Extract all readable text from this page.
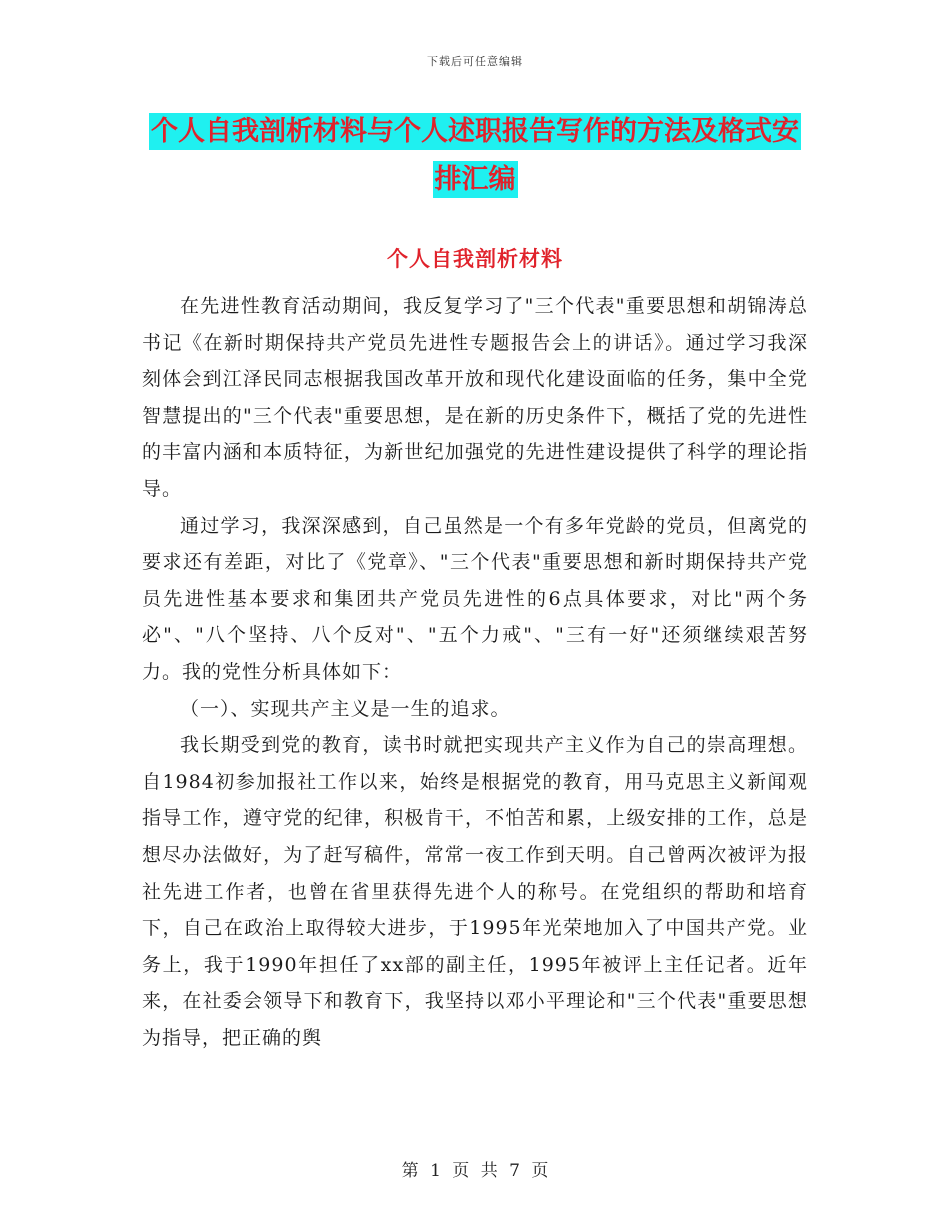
下载后可任意编辑
个人自我剖析材料与个人述职报告写作的方法及格式安排汇编
个人自我剖析材料

在先进性教育活动期间，我反复学习了"三个代表"重要思想和胡锦涛总书记《在新时期保持共产党员先进性专题报告会上的讲话》。通过学习我深刻体会到江泽民同志根据我国改革开放和现代化建设面临的任务，集中全党智慧提出的"三个代表"重要思想，是在新的历史条件下，概括了党的先进性的丰富内涵和本质特征，为新世纪加强党的先进性建设提供了科学的理论指导。

通过学习，我深深感到，自己虽然是一个有多年党龄的党员，但离党的要求还有差距，对比了《党章》、"三个代表"重要思想和新时期保持共产党员先进性基本要求和集团共产党员先进性的6点具体要求，对比"两个务必"、"八个坚持、八个反对"、"五个力戒"、"三有一好"还须继续艰苦努力。我的党性分析具体如下：

（一）、实现共产主义是一生的追求。

我长期受到党的教育，读书时就把实现共产主义作为自己的崇高理想。自1984初参加报社工作以来，始终是根据党的教育，用马克思主义新闻观指导工作，遵守党的纪律，积极肯干，不怕苦和累，上级安排的工作，总是想尽办法做好，为了赶写稿件，常常一夜工作到天明。自己曾两次被评为报社先进工作者，也曾在省里获得先进个人的称号。在党组织的帮助和培育下，自己在政治上取得较大进步，于1995年光荣地加入了中国共产党。业务上，我于1990年担任了xx部的副主任，1995年被评上主任记者。近年来，在社委会领导下和教育下，我坚持以邓小平理论和"三个代表"重要思想为指导，把正确的舆

第 1 页 共 7 页
